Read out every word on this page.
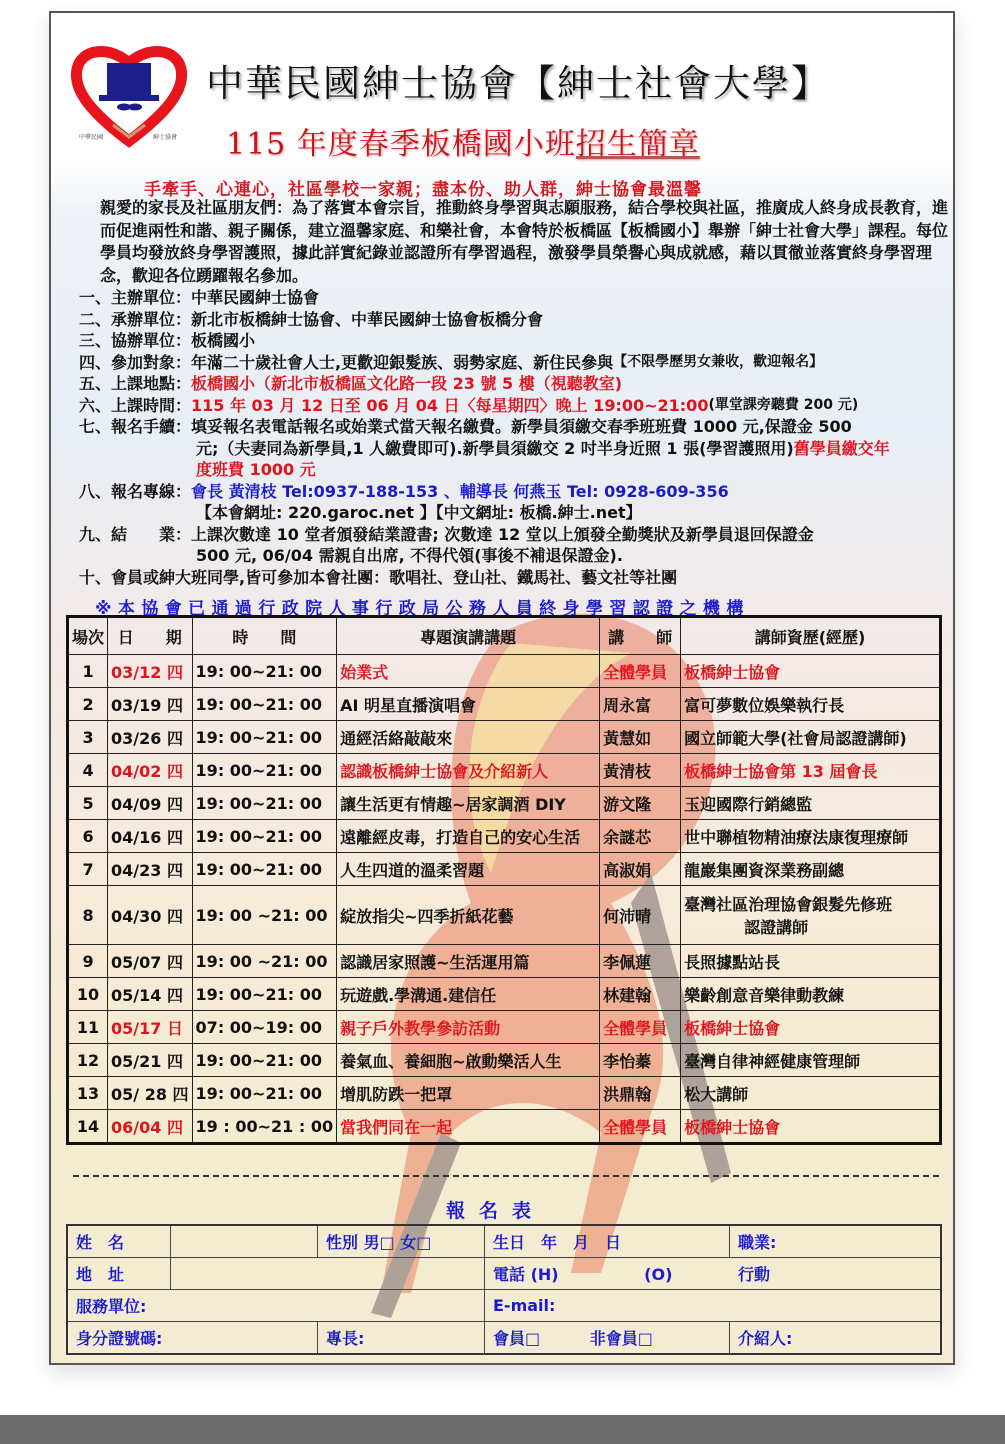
中華民國	紳士協會
中華民國紳士協會【紳士社會大學】
115 年度春季板橋國小班招生簡章
手牽手、心連心，社區學校一家親；盡本份、助人群，紳士協會最溫馨
親愛的家長及社區朋友們：為了落實本會宗旨，推動終身學習與志願服務，結合學校與社區，推廣成人終身成長教育，進而促進兩性和諧、親子關係，建立溫馨家庭、和樂社會，本會特於板橋區【板橋國小】舉辦「紳士社會大學」課程。每位學員均發放終身學習護照，據此詳實紀錄並認證所有學習過程，激發學員榮譽心與成就感，藉以貫徹並落實終身學習理念，歡迎各位踴躍報名參加。
一、主辦單位： 中華民國紳士協會
二、承辦單位： 新北市板橋紳士協會、中華民國紳士協會板橋分會
三、協辦單位： 板橋國小
四、參加對象： 年滿二十歲社會人士,更歡迎銀髮族、弱勢家庭、新住民參與 【不限學歷男女兼收，歡迎報名】
五、上課地點： 板橋國小（新北市板橋區文化路一段 23 號 5 樓（視聽教室)
六、上課時間： 115 年 03 月 12 日至 06 月 04 日〈每星期四〉晚上 19:00~21:00 (單堂課旁聽費 200 元)
七、報名手續： 填妥報名表電話報名或始業式當天報名繳費。新學員須繳交春季班班費 1000 元,保證金 500
元;（夫妻同為新學員,1 人繳費即可).新學員須繳交 2 吋半身近照 1 張(學習護照用) 舊學員繳交年
度班費 1000 元
八、報名專線： 會長 黃清枝 Tel:0937-188-153 、輔導長 何燕玉 Tel: 0928-609-356
【本會網址: 220.garoc.net 】【中文網址: 板橋.紳士.net】
九、結　　業： 上課次數達 10 堂者頒發結業證書; 次數達 12 堂以上頒發全勤獎狀及新學員退回保證金
500 元, 06/04 需親自出席, 不得代領(事後不補退保證金).
十、會員或紳大班同學,皆可參加本會社團：歌唱社、登山社、鐵馬社、藝文社等社團
※本協會已通過行政院人事行政局公務人員終身學習認證之機構
場次	日　　期	時　　間	專題演講講題	講　　師	講師資歷(經歷)
1	03/12 四	19: 00~21: 00	始業式	全體學員	板橋紳士協會
2	03/19 四	19: 00~21: 00	AI 明星直播演唱會	周永富	富可夢數位娛樂執行長
3	03/26 四	19: 00~21: 00	通經活絡敲敲來	黃慧如	國立師範大學(社會局認證講師)
4	04/02 四	19: 00~21: 00	認識板橋紳士協會及介紹新人	黃清枝	板橋紳士協會第 13 屆會長
5	04/09 四	19: 00~21: 00	讓生活更有情趣~居家調酒 DIY	游文隆	玉迎國際行銷總監
6	04/16 四	19: 00~21: 00	遠離經皮毒，打造自己的安心生活	余謎芯	世中聯植物精油療法康復理療師
7	04/23 四	19: 00~21: 00	人生四道的溫柔習題	高淑娟	龍巖集團資深業務副總
8	04/30 四	19: 00 ~21: 00	綻放指尖~四季折紙花藝	何沛晴	臺灣社區治理協會銀髮先修班
認證講師

9	05/07 四	19: 00 ~21: 00	認識居家照護~生活運用篇	李佩蓮	長照據點站長
10	05/14 四	19: 00~21: 00	玩遊戲.學溝通.建信任	林建翰	樂齡創意音樂律動教練
11	05/17 日	07: 00~19: 00	親子戶外教學參訪活動	全體學員	板橋紳士協會
12	05/21 四	19: 00~21: 00	養氣血、養細胞~啟動樂活人生	李怡蓁	臺灣自律神經健康管理師
13	05/ 28 四	19: 00~21: 00	增肌防跌一把罩	洪鼎翰	松大講師
14	06/04 四	19 : 00~21 : 00	當我們同在一起	全體學員	板橋紳士協會
報名表
姓　名		性別 男□ 女□	生日　年　月　日	職業:
地　址			電話 (H) (O) 行動	
服務單位:			E-mail:	
身分證號碼:		專長:	會員□ 非會員□	介紹人:
